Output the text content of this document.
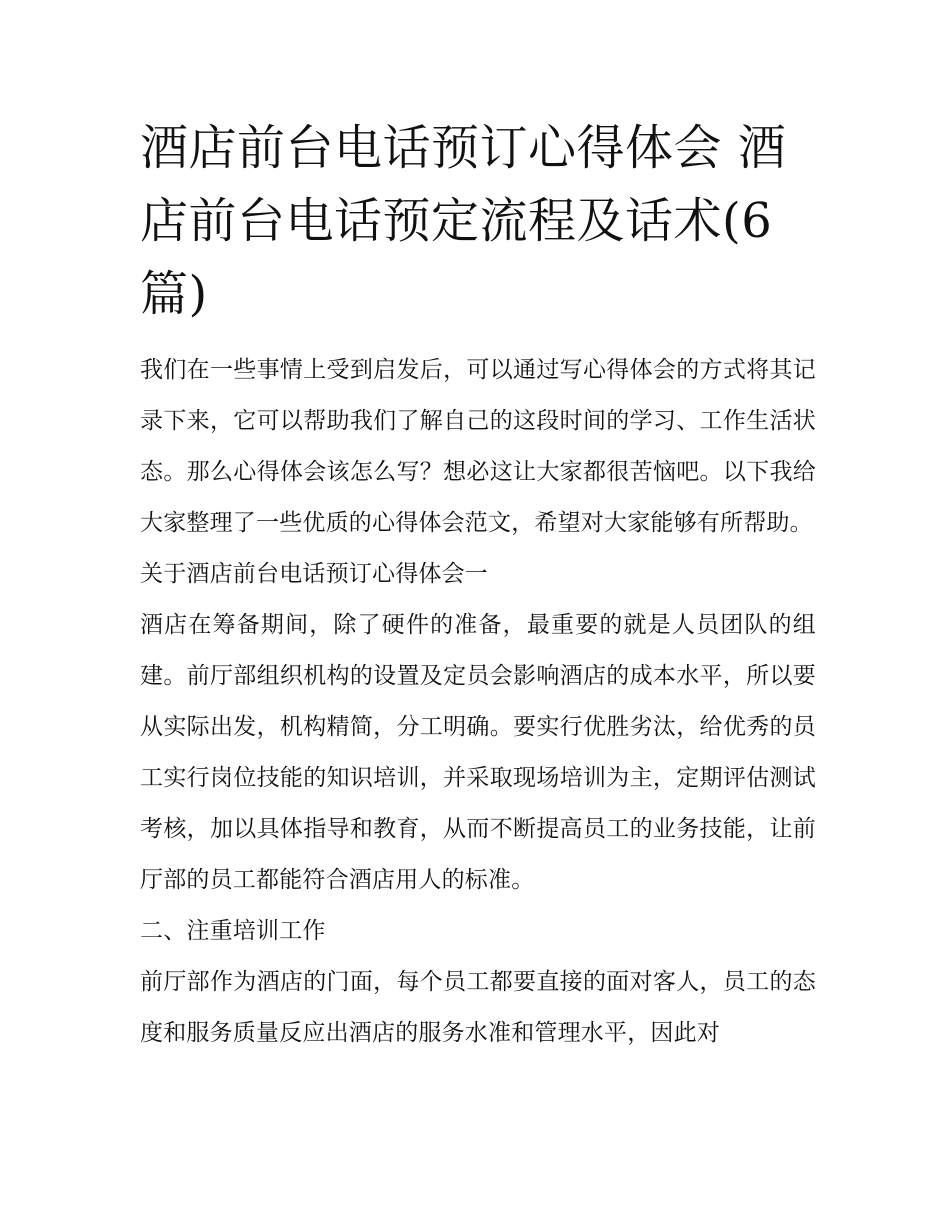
酒店前台电话预订心得体会 酒店前台电话预定流程及话术(6篇)

我们在一些事情上受到启发后，可以通过写心得体会的方式将其记录下来，它可以帮助我们了解自己的这段时间的学习、工作生活状态。那么心得体会该怎么写？想必这让大家都很苦恼吧。以下我给大家整理了一些优质的心得体会范文，希望对大家能够有所帮助。

关于酒店前台电话预订心得体会一

酒店在筹备期间，除了硬件的准备，最重要的就是人员团队的组建。前厅部组织机构的设置及定员会影响酒店的成本水平，所以要从实际出发，机构精简，分工明确。要实行优胜劣汰，给优秀的员工实行岗位技能的知识培训，并采取现场培训为主，定期评估测试考核，加以具体指导和教育，从而不断提高员工的业务技能，让前厅部的员工都能符合酒店用人的标准。

二、注重培训工作

前厅部作为酒店的门面，每个员工都要直接的面对客人，员工的态度和服务质量反应出酒店的服务水准和管理水平，因此对
